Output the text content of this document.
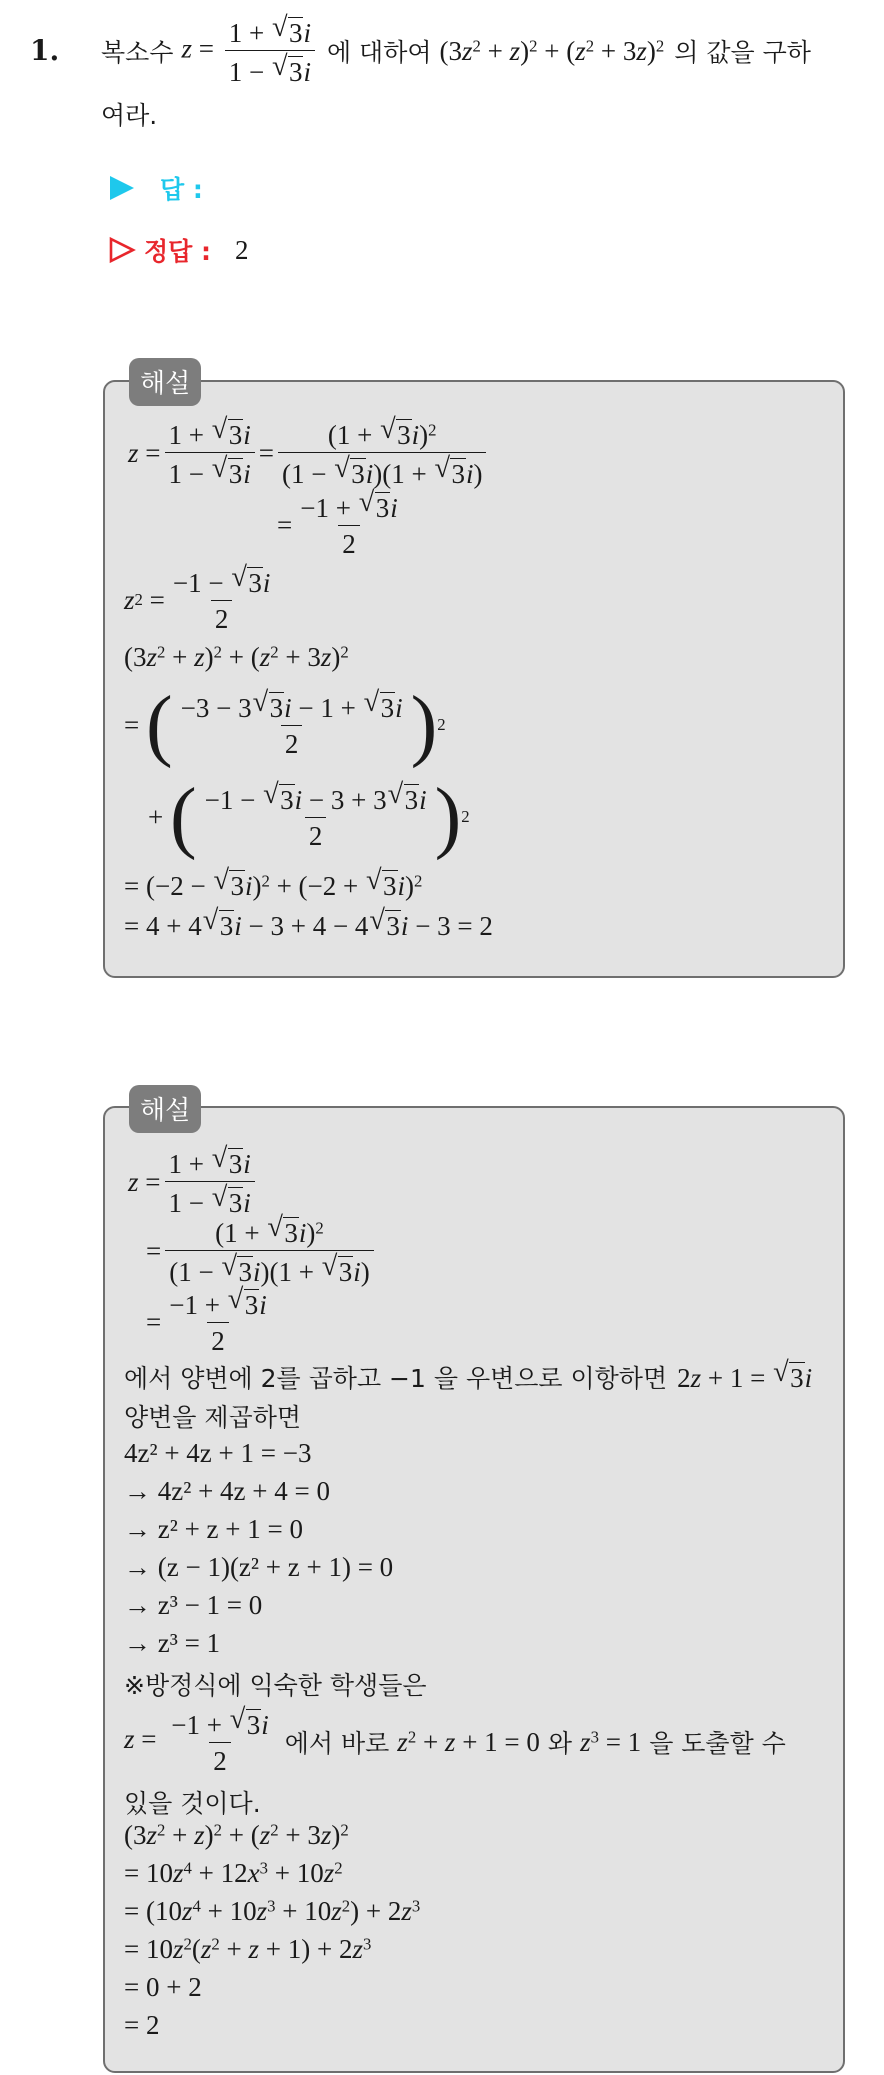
1. 복소수 $z = \frac{1 + √ 3i}{1 - √ 3i}$ 에 대하여 $(3z^2 + z)^2 + (z^2 + 3z)^2$ 의 값을 구하
여라.
답 :
정답 : 2
해설
$z = \frac{1 + √ 3i}{1 - √ 3i} = \frac{(1 + √ 3i)^2}{(1 - √ 3i)(1 + √ 3i)}$
= $\frac{-1 + √ 3i}{2}$
z $2 = \frac{-1 - √ 3i}{2}$
$(3z^2 + z)^2 + (z^2 + 3z)^2$
= ( $\frac{-3 - 3 √ 3i - 1 + √ 3i}{2}$ ) 2
+ ( $\frac{-1 - √ 3i - 3 + 3 √ 3i}{2}$ ) 2
= (−2 − √ 3i)$^2$ + (−2 + √ 3i)$^2$
= 4 + 4 √ 3i − 3 + 4 − 4 √ 3i − 3 = 2
해설
$z = \frac{1 + √ 3i}{1 - √ 3i}$
= $\frac{(1 + √ 3i)^2}{(1 - √ 3i)(1 + √ 3i)}$
= $\frac{-1 + √ 3i}{2}$
에서 양변에 2를 곱하고 −1 을 우변으로 이항하면 2z + 1 = √ 3i
양변을 제곱하면
4z² + 4z + 1 = −3
→ 4z² + 4z + 4 = 0
→ z² + z + 1 = 0
→ (z − 1)(z² + z + 1) = 0
→ z³ − 1 = 0
→ z³ = 1
※방정식에 익숙한 학생들은
$z = \frac{-1 + √ 3i}{2}$ 에서 바로 $z^2 + z + 1 = 0$ 와 $z^3 = 1$ 을 도출할 수
있을 것이다.
$(3z^2 + z)^2 + (z^2 + 3z)^2$
= $10z^4 + 12x^3 + 10z^2$
= $(10z^4 + 10z^3 + 10z^2) + 2z^3$
= $10z^2(z^2 + z + 1) + 2z^3$
= 0 + 2
= 2
